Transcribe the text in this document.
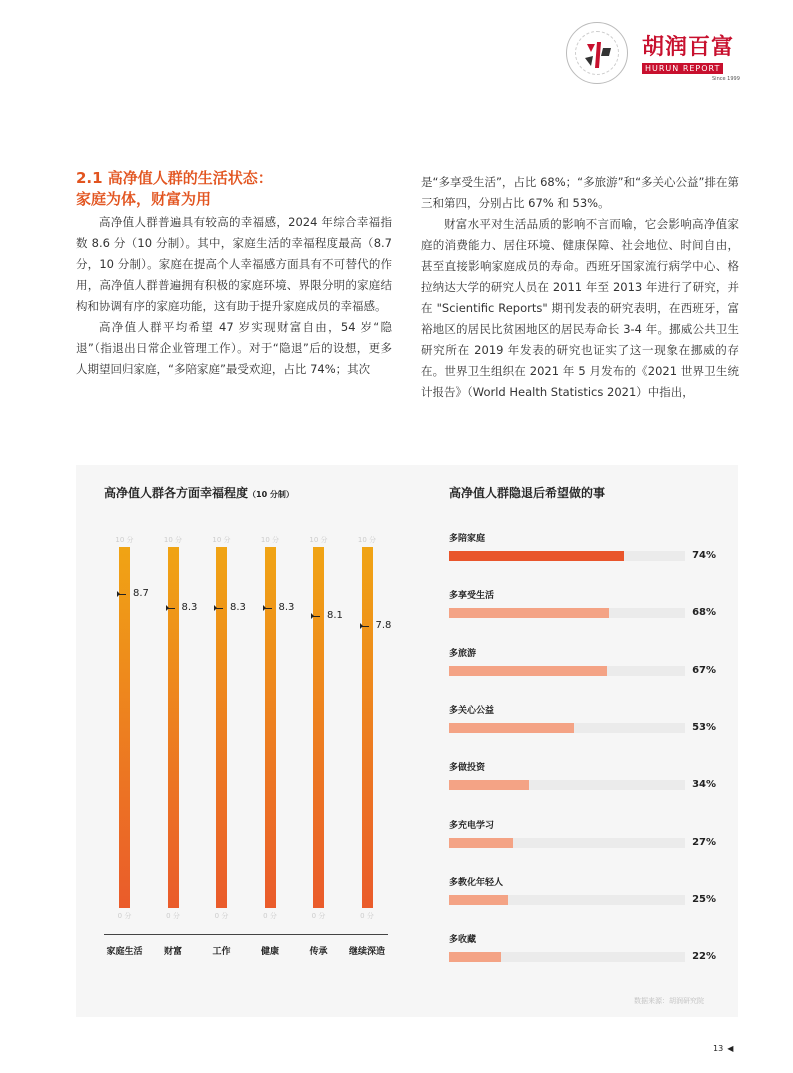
胡润百富
HURUN REPORT
Since 1999
2.1 高净值人群的生活状态：
家庭为体，财富为用

高净值人群普遍具有较高的幸福感，2024 年综合幸福指数 8.6 分（10 分制）。其中，家庭生活的幸福程度最高（8.7 分，10 分制）。家庭在提高个人幸福感方面具有不可替代的作用，高净值人群普遍拥有积极的家庭环境、界限分明的家庭结构和协调有序的家庭功能，这有助于提升家庭成员的幸福感。

高净值人群平均希望 47 岁实现财富自由，54 岁“隐退”（指退出日常企业管理工作）。对于“隐退”后的设想，更多人期望回归家庭，“多陪家庭”最受欢迎，占比 74%；其次

是“多享受生活”，占比 68%；“多旅游”和“多关心公益”排在第三和第四，分别占比 67% 和 53%。

财富水平对生活品质的影响不言而喻，它会影响高净值家庭的消费能力、居住环境、健康保障、社会地位、时间自由，甚至直接影响家庭成员的寿命。西班牙国家流行病学中心、格拉纳达大学的研究人员在 2011 年至 2013 年进行了研究，并在 "Scientific Reports" 期刊发表的研究表明，在西班牙，富裕地区的居民比贫困地区的居民寿命长 3-4 年。挪威公共卫生研究所在 2019 年发表的研究也证实了这一现象在挪威的存在。世界卫生组织在 2021 年 5 月发布的《2021 世界卫生统计报告》（World Health Statistics 2021）中指出，

高净值人群各方面幸福程度（10 分制）
10 分
0 分
8.7
家庭生活
10 分
0 分
8.3
财富
10 分
0 分
8.3
工作
10 分
0 分
8.3
健康
10 分
0 分
8.1
传承
10 分
0 分
7.8
继续深造
高净值人群隐退后希望做的事
多陪家庭
74%
多享受生活
68%
多旅游
67%
多关心公益
53%
多做投资
34%
多充电学习
27%
多教化年轻人
25%
多收藏
22%
数据来源：胡润研究院
13 ◀
